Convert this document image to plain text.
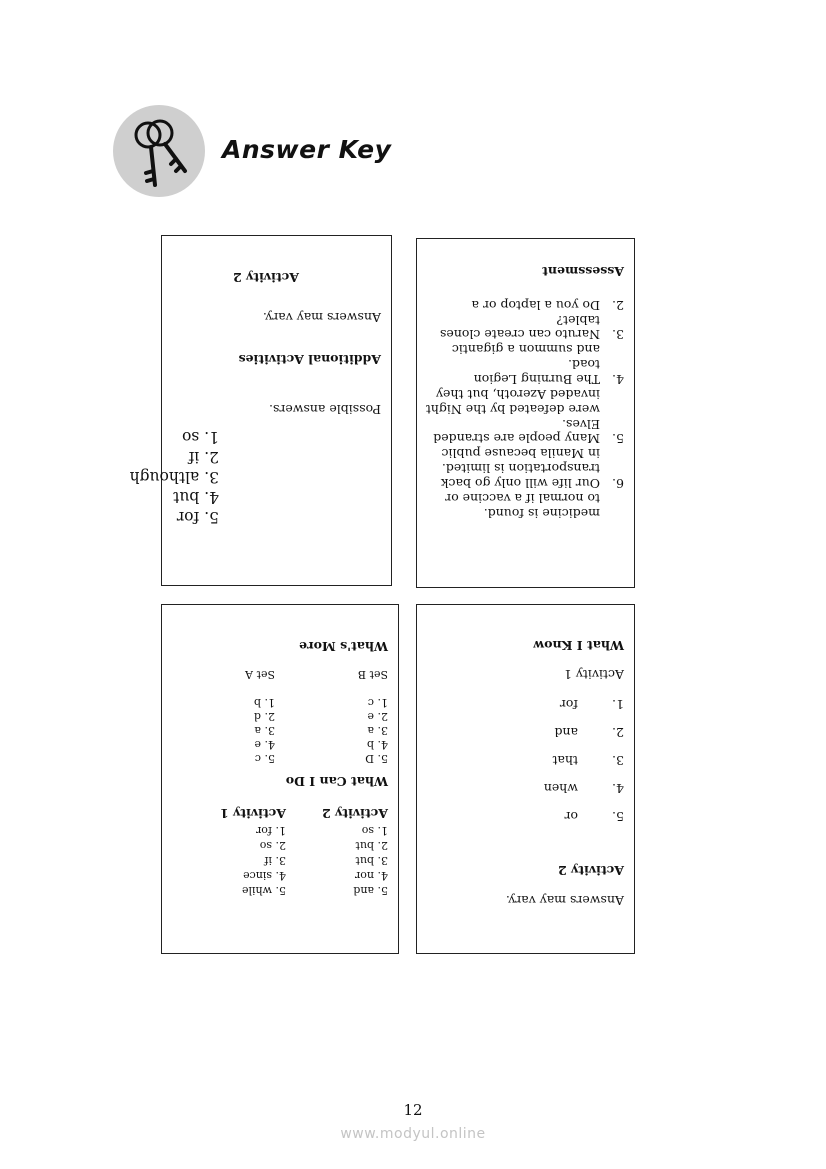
Answer Key
Activity 2
Answers may vary.
Additional Activities
Possible answers.
1. so
2. if
3. although
4. but
5. for
Assessment
2.
Do you a laptop or a
tablet?
3.
Naruto can create clones
and summon a gigantic
toad.
4.
The Burning Legion
invaded Azeroth, but they
were defeated by the Night
Elves.
5.
Many people are stranded
in Manila because public
transportation is limited.
6.
Our life will only go back
to normal if a vaccine or
medicine is found.
What's More
Set B
Set A
1. b
2. d
3. a
4. e
5. c
1. c
2. e
3. a
4. b
5. D
What Can I Do
Activity 2
Activity 1
1. for
2. so
3. if
4. since
5. while
1. so
2. but
3. but
4. nor
5. and
What I Know
Activity 1
1.
for
2.
and
3.
that
4.
when
5.
or
Activity 2
Answers may vary.
12
www.modyul.online
